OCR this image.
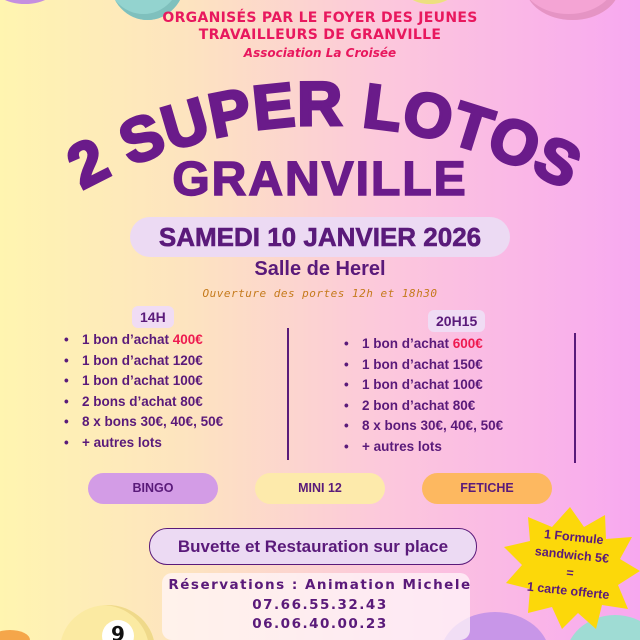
9
ORGANISÉS PAR LE FOYER DES JEUNES
TRAVAILLEURS DE GRANVILLE
Association La Croisée
2 SUPER LOTOS
GRANVILLE
SAMEDI 10 JANVIER 2026
Salle de Herel
Ouverture des portes 12h et 18h30
14H
• 1 bon d’achat 400€
• 1 bon d’achat 120€
• 1 bon d’achat 100€
• 2 bons d’achat 80€
• 8 x bons 30€, 40€, 50€
• + autres lots
20H15
• 1 bon d’achat 600€
• 1 bon d’achat 150€
• 1 bon d’achat 100€
• 2 bon d’achat 80€
• 8 x bons 30€, 40€, 50€
• + autres lots
BINGO	MINI 12	FETICHE
Buvette et Restauration sur place
Réservations : Animation Michele
07.66.55.32.43
06.06.40.00.23
1 Formule
sandwich 5€
=
1 carte offerte
